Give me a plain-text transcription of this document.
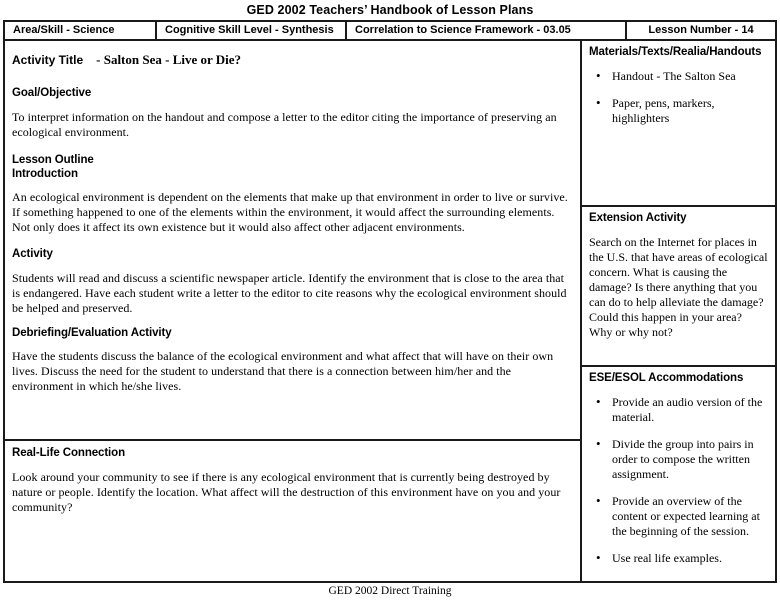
GED 2002 Teachers’ Handbook of Lesson Plans
Area/Skill - Science	Cognitive Skill Level - Synthesis	Correlation to Science Framework - 03.05	Lesson Number - 14
Activity Title - Salton Sea - Live or Die?
Goal/Objective
To interpret information on the handout and compose a letter to the editor citing the importance of preserving an ecological environment.
Lesson Outline
Introduction
An ecological environment is dependent on the elements that make up that environment in order to live or survive. If something happened to one of the elements within the environment, it would affect the surrounding elements. Not only does it affect its own existence but it would also affect other adjacent environments.
Activity
Students will read and discuss a scientific newspaper article. Identify the environment that is close to the area that is endangered. Have each student write a letter to the editor to cite reasons why the ecological environment should be helped and preserved.
Debriefing/Evaluation Activity
Have the students discuss the balance of the ecological environment and what affect that will have on their own lives. Discuss the need for the student to understand that there is a connection between him/her and the environment in which he/she lives.
Real-Life Connection
Look around your community to see if there is any ecological environment that is currently being destroyed by nature or people. Identify the location. What affect will the destruction of this environment have on you and your community?
Materials/Texts/Realia/Handouts
• Handout - The Salton Sea
• Paper, pens, markers, highlighters
Extension Activity
Search on the Internet for places in the U.S. that have areas of ecological concern. What is causing the damage? Is there anything that you can do to help alleviate the damage? Could this happen in your area? Why or why not?
ESE/ESOL Accommodations
• Provide an audio version of the material.
• Divide the group into pairs in order to compose the written assignment.
• Provide an overview of the content or expected learning at the beginning of the session.
• Use real life examples.
GED 2002 Direct Training
